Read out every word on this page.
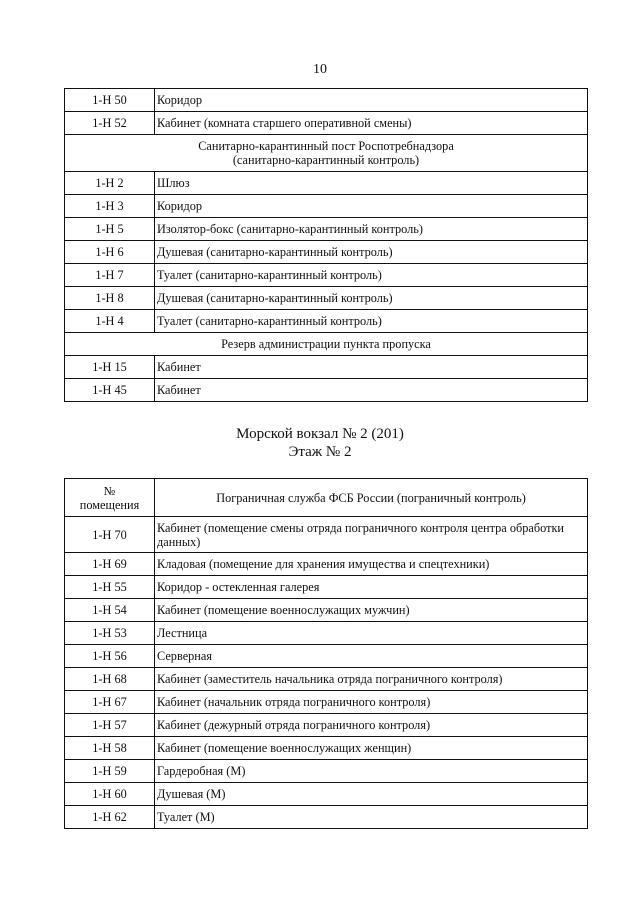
10
1-Н 50	Коридор
1-Н 52	Кабинет (комната старшего оперативной смены)

Санитарно-карантинный пост Роспотребнадзора
(санитарно-карантинный контроль)	

1-Н 2	Шлюз
1-Н 3	Коридор
1-Н 5	Изолятор-бокс (санитарно-карантинный контроль)
1-Н 6	Душевая (санитарно-карантинный контроль)
1-Н 7	Туалет (санитарно-карантинный контроль)
1-Н 8	Душевая (санитарно-карантинный контроль)
1-Н 4	Туалет (санитарно-карантинный контроль)
Резерв администрации пункта пропуска	
1-Н 15	Кабинет
1-Н 45	Кабинет
Морской вокзал № 2 (201)
Этаж № 2
№
помещения	Пограничная служба ФСБ России (пограничный контроль)
1-Н 70	Кабинет (помещение смены отряда пограничного контроля центра обработки данных)
1-Н 69	Кладовая (помещение для хранения имущества и спецтехники)
1-Н 55	Коридор - остекленная галерея
1-Н 54	Кабинет (помещение военнослужащих мужчин)
1-Н 53	Лестница
1-Н 56	Серверная
1-Н 68	Кабинет (заместитель начальника отряда пограничного контроля)
1-Н 67	Кабинет (начальник отряда пограничного контроля)
1-Н 57	Кабинет (дежурный отряда пограничного контроля)
1-Н 58	Кабинет (помещение военнослужащих женщин)
1-Н 59	Гардеробная (М)
1-Н 60	Душевая (М)
1-Н 62	Туалет (М)
